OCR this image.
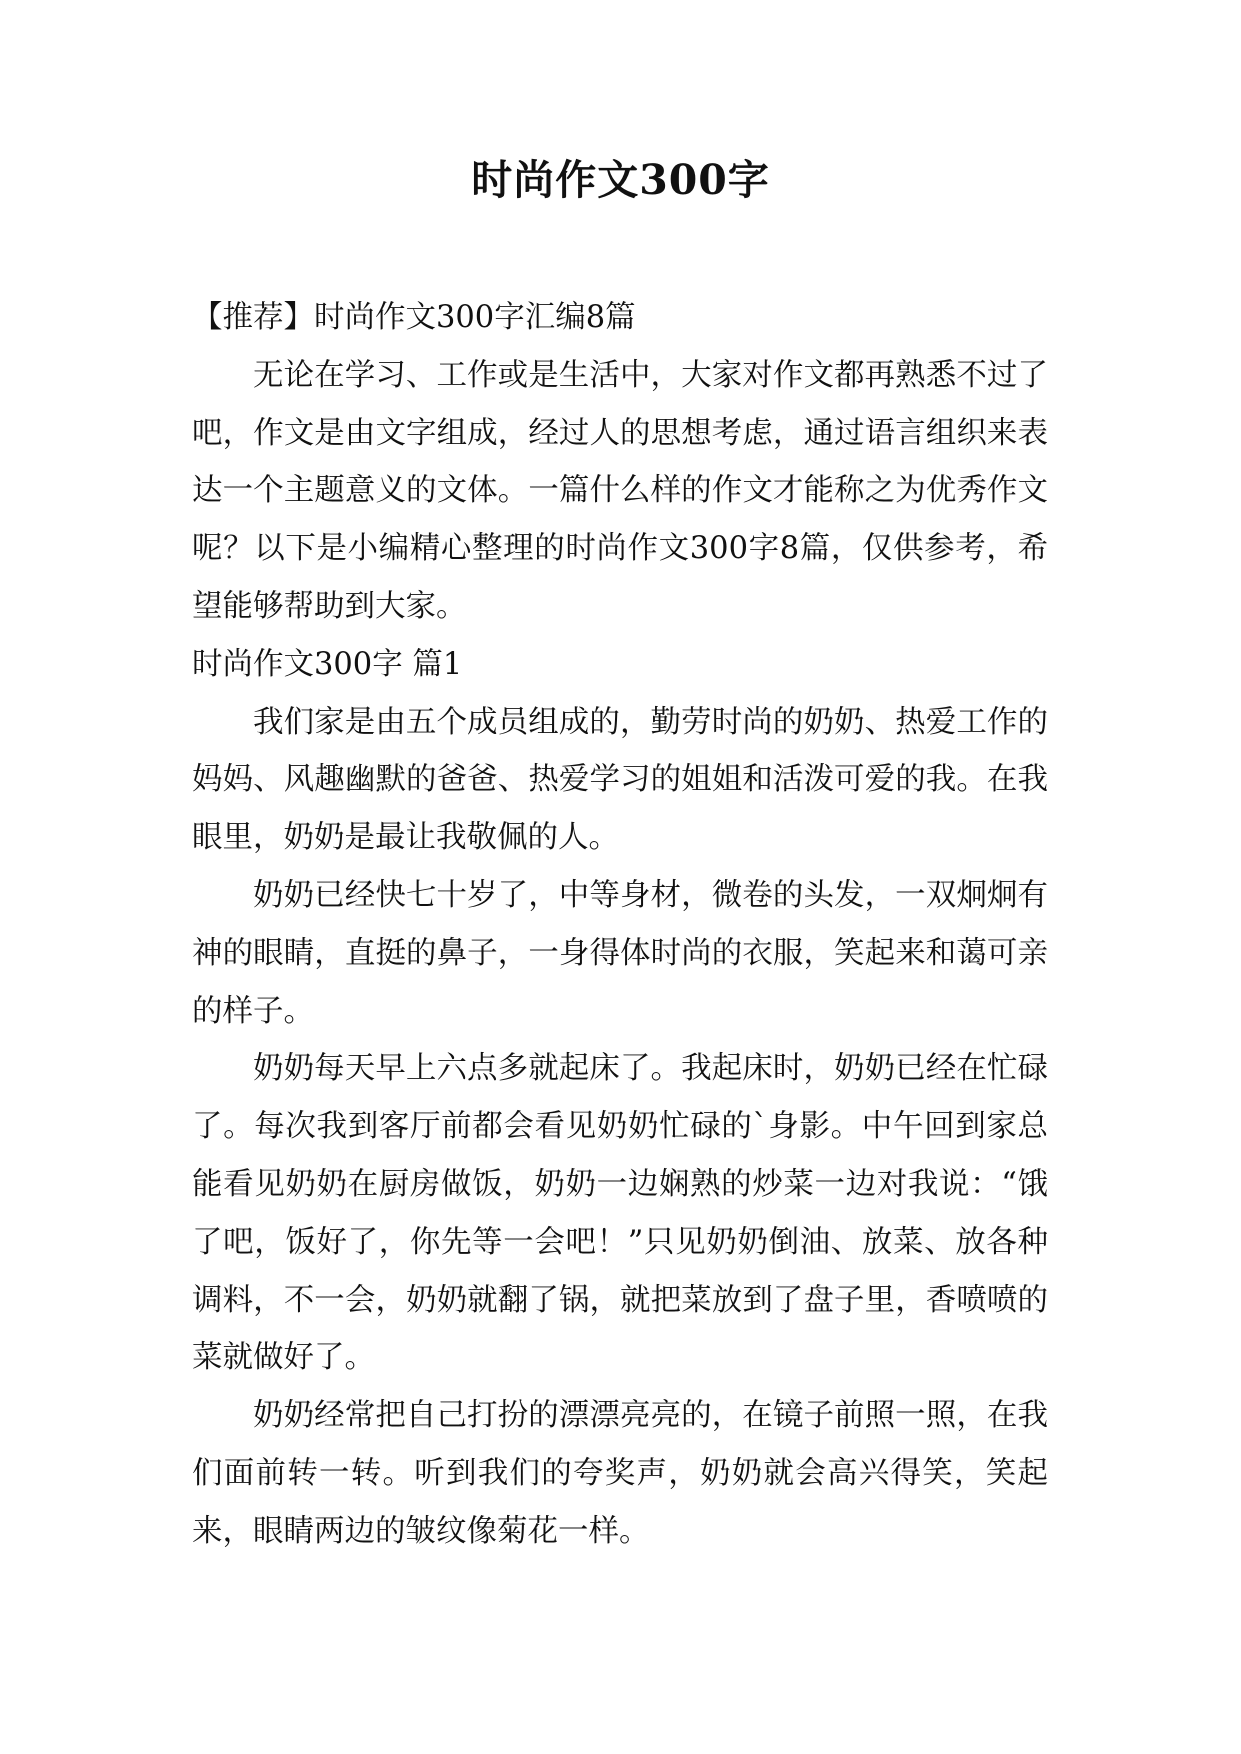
时尚作文300字

【推荐】时尚作文300字汇编8篇

无论在学习、工作或是生活中，大家对作文都再熟悉不过了吧，作文是由文字组成，经过人的思想考虑，通过语言组织来表达一个主题意义的文体。一篇什么样的作文才能称之为优秀作文呢？以下是小编精心整理的时尚作文300字8篇，仅供参考，希望能够帮助到大家。

时尚作文300字 篇1

我们家是由五个成员组成的，勤劳时尚的奶奶、热爱工作的妈妈、风趣幽默的爸爸、热爱学习的姐姐和活泼可爱的我。在我眼里，奶奶是最让我敬佩的人。

奶奶已经快七十岁了，中等身材，微卷的头发，一双炯炯有神的眼睛，直挺的鼻子，一身得体时尚的衣服，笑起来和蔼可亲的样子。

奶奶每天早上六点多就起床了。我起床时，奶奶已经在忙碌了。每次我到客厅前都会看见奶奶忙碌的`身影。中午回到家总能看见奶奶在厨房做饭，奶奶一边娴熟的炒菜一边对我说：“饿了吧，饭好了，你先等一会吧！”只见奶奶倒油、放菜、放各种调料，不一会，奶奶就翻了锅，就把菜放到了盘子里，香喷喷的菜就做好了。

奶奶经常把自己打扮的漂漂亮亮的，在镜子前照一照，在我们面前转一转。听到我们的夸奖声，奶奶就会高兴得笑，笑起来，眼睛两边的皱纹像菊花一样。
